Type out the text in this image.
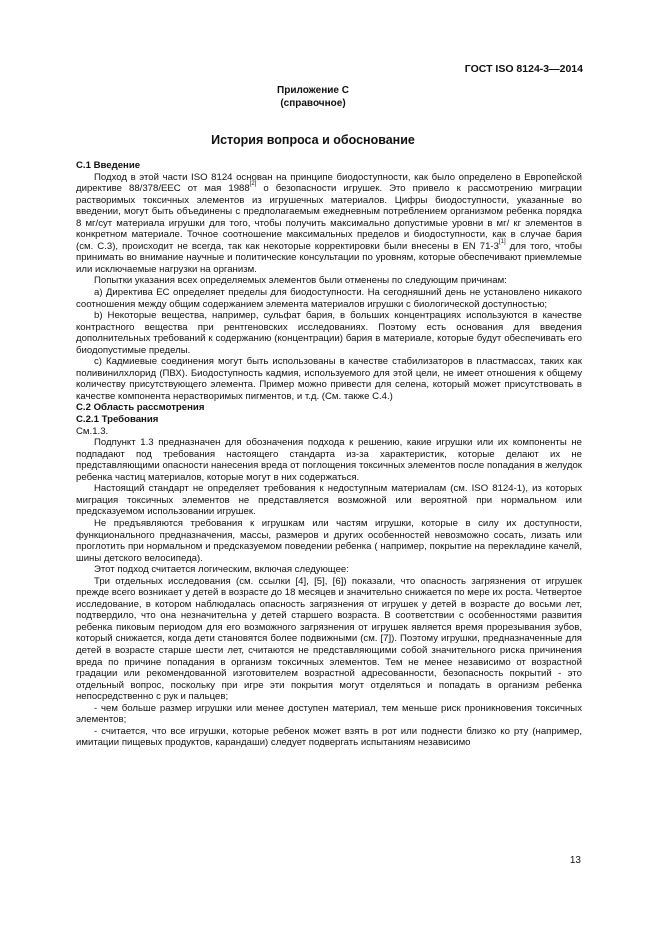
ГОСТ ISO 8124-3—2014
Приложение С
(справочное)
История вопроса и обоснование

С.1 Введение

Подход в этой части ISO 8124 основан на принципе биодоступности, как было определено в Европейской директиве 88/378/ЕЕС от мая 1988[2] о безопасности игрушек. Это привело к рассмотрению миграции растворимых токсичных элементов из игрушечных материалов. Цифры биодоступности, указанные во введении, могут быть объединены с предполагаемым ежедневным потреблением организмом ребенка порядка 8 мг/сут материала игрушки для того, чтобы получить максимально допустимые уровни в мг/ кг элементов в конкретном материале. Точное соотношение максимальных пределов и биодоступности, как в случае бария (см. С.3), происходит не всегда, так как некоторые корректировки были внесены в EN 71-3[1] для того, чтобы принимать во внимание научные и политические консультации по уровням, которые обеспечивают приемлемые или исключаемые нагрузки на организм.

Попытки указания всех определяемых элементов были отменены по следующим причинам:

а) Директива ЕС определяет пределы для биодоступности. На сегодняшний день не установлено никакого соотношения между общим содержанием элемента материалов игрушки с биологической доступностью;

b) Некоторые вещества, например, сульфат бария, в больших концентрациях используются в качестве контрастного вещества при рентгеновских исследованиях. Поэтому есть основания для введения дополнительных требований к содержанию (концентрации) бария в материале, которые будут обеспечивать его биодопустимые пределы.

с) Кадмиевые соединения могут быть использованы в качестве стабилизаторов в пластмассах, таких как поливинилхлорид (ПВХ). Биодоступность кадмия, используемого для этой цели, не имеет отношения к общему количеству присутствующего элемента. Пример можно привести для селена, который может присутствовать в качестве компонента нерастворимых пигментов, и т.д. (См. также С.4.)

С.2 Область рассмотрения

С.2.1 Требования

См.1.3.

Подпункт 1.3 предназначен для обозначения подхода к решению, какие игрушки или их компоненты не подпадают под требования настоящего стандарта из-за характеристик, которые делают их не представляющими опасности нанесения вреда от поглощения токсичных элементов после попадания в желудок ребенка частиц материалов, которые могут в них содержаться.

Настоящий стандарт не определяет требования к недоступным материалам (см. ISO 8124-1), из которых миграция токсичных элементов не представляется возможной или вероятной при нормальном или предсказуемом использовании игрушек.

Не предъявляются требования к игрушкам или частям игрушки, которые в силу их доступности, функционального предназначения, массы, размеров и других особенностей невозможно сосать, лизать или проглотить при нормальном и предсказуемом поведении ребенка ( например, покрытие на перекладине качелй, шины детского велосипеда).

Этот подход считается логическим, включая следующее:

Три отдельных исследования (см. ссылки [4], [5], [6]) показали, что опасность загрязнения от игрушек прежде всего возникает у детей в возрасте до 18 месяцев и значительно снижается по мере их роста. Четвертое исследование, в котором наблюдалась опасность загрязнения от игрушек у детей в возрасте до восьми лет, подтвердило, что она незначительна у детей старшего возраста. В соответствии с особенностями развития ребенка пиковым периодом для его возможного загрязнения от игрушек является время прорезывания зубов, который снижается, когда дети становятся более подвижными (см. [7]). Поэтому игрушки, предназначенные для детей в возрасте старше шести лет, считаются не представляющими собой значительного риска причинения вреда по причине попадания в организм токсичных элементов. Тем не менее независимо от возрастной градации или рекомендованной изготовителем возрастной адресованности, безопасность покрытий - это отдельный вопрос, поскольку при игре эти покрытия могут отделяться и попадать в организм ребенка непосредственно с рук и пальцев;

- чем больше размер игрушки или менее доступен материал, тем меньше риск проникновения токсичных элементов;

- считается, что все игрушки, которые ребенок может взять в рот или поднести близко ко рту (например, имитации пищевых продуктов, карандаши) следует подвергать испытаниям независимо

13
